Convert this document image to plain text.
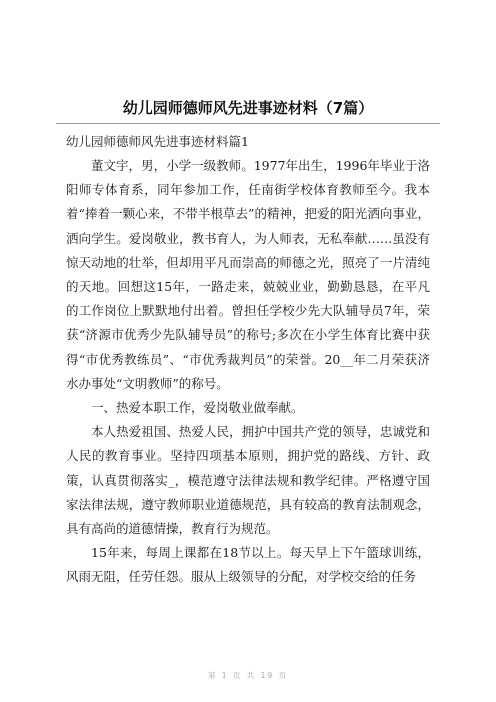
幼儿园师德师风先进事迹材料（7篇）

幼儿园师德师风先进事迹材料篇1

董文宇，男，小学一级教师。1977年出生，1996年毕业于洛阳师专体育系，同年参加工作，任南街学校体育教师至今。我本着“捧着一颗心来，不带半根草去”的精神，把爱的阳光洒向事业，洒向学生。爱岗敬业，教书育人，为人师表，无私奉献……虽没有惊天动地的壮举，但却用平凡而崇高的师德之光，照亮了一片清纯的天地。回想这15年，一路走来，兢兢业业，勤勤恳恳，在平凡的工作岗位上默默地付出着。曾担任学校少先大队辅导员7年，荣获“济源市优秀少先队辅导员”的称号;多次在小学生体育比赛中获得“市优秀教练员”、“市优秀裁判员”的荣誉。20__年二月荣获济水办事处“文明教师”的称号。

一、热爱本职工作，爱岗敬业做奉献。

本人热爱祖国、热爱人民，拥护中国共产党的领导，忠诚党和人民的教育事业。坚持四项基本原则，拥护党的路线、方针、政策，认真贯彻落实_，模范遵守法律法规和教学纪律。严格遵守国家法律法规，遵守教师职业道德规范，具有较高的教育法制观念，具有高尚的道德情操，教育行为规范。

15年来，每周上课都在18节以上。每天早上下午篮球训练，风雨无阻，任劳任怨。服从上级领导的分配，对学校交给的任务

第 1 页 共 19 页
